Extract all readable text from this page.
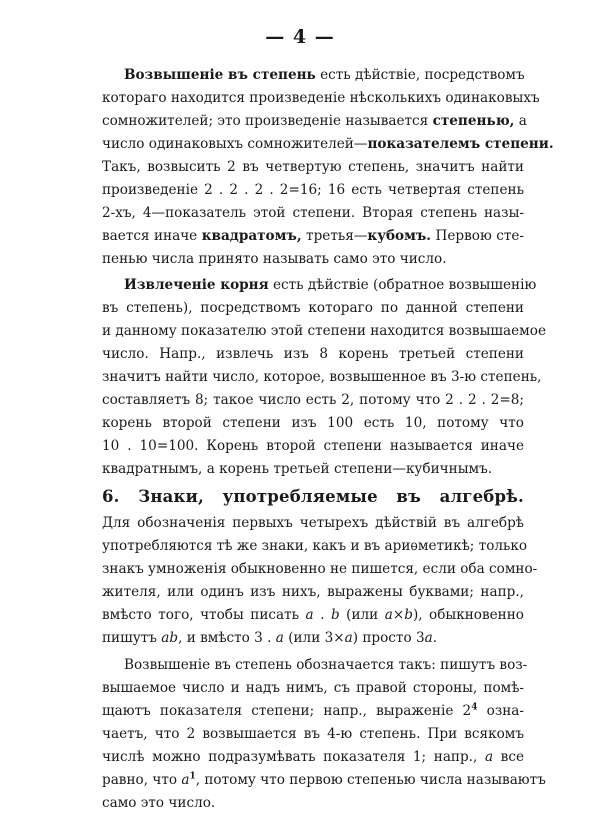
— 4 —
Возвышеніе въ степень есть дѣйствіе, посредствомъ
котораго находится произведеніе нѣсколькихъ одинаковыхъ
сомножителей; это произведеніе называется степенью, а
число одинаковыхъ сомножителей—показателемъ степени.
Такъ, возвысить 2 въ четвертую степень, значитъ найти
произведеніе 2 . 2 . 2 . 2=16; 16 есть четвертая степень
2-хъ, 4—показатель этой степени. Вторая степень назы-
вается иначе квадратомъ, третья—кубомъ. Первою сте-
пенью числа принято называть само это число.
Извлеченіе корня есть дѣйствіе (обратное возвышенію
въ степень), посредствомъ котораго по данной степени
и данному показателю этой степени находится возвышаемое
число. Напр., извлечь изъ 8 корень третьей степени
значитъ найти число, которое, возвышенное въ 3-ю степень,
составляетъ 8; такое число есть 2, потому что 2 . 2 . 2=8;
корень второй степени изъ 100 есть 10, потому что
10 . 10=100. Корень второй степени называется иначе
квадратнымъ, а корень третьей степени—кубичнымъ.
6. Знаки, употребляемые въ алгебрѣ.
Для обозначенія первыхъ четырехъ дѣйствій въ алгебрѣ
употребляются тѣ же знаки, какъ и въ ариѳметикѣ; только
знакъ умноженія обыкновенно не пишется, если оба сомно-
жителя, или одинъ изъ нихъ, выражены буквами; напр.,
вмѣсто того, чтобы писать a . b (или a×b), обыкновенно
пишутъ ab, и вмѣсто 3 . a (или 3×a) просто 3a.
Возвышеніе въ степень обозначается такъ: пишутъ воз-
вышаемое число и надъ нимъ, съ правой стороны, помѣ-
щаютъ показателя степени; напр., выраженіе $2^4$ озна-
чаетъ, что 2 возвышается въ 4-ю степень. При всякомъ
числѣ можно подразумѣвать показателя 1; напр., a все
равно, что $a^1$, потому что первою степенью числа называютъ
само это число.
